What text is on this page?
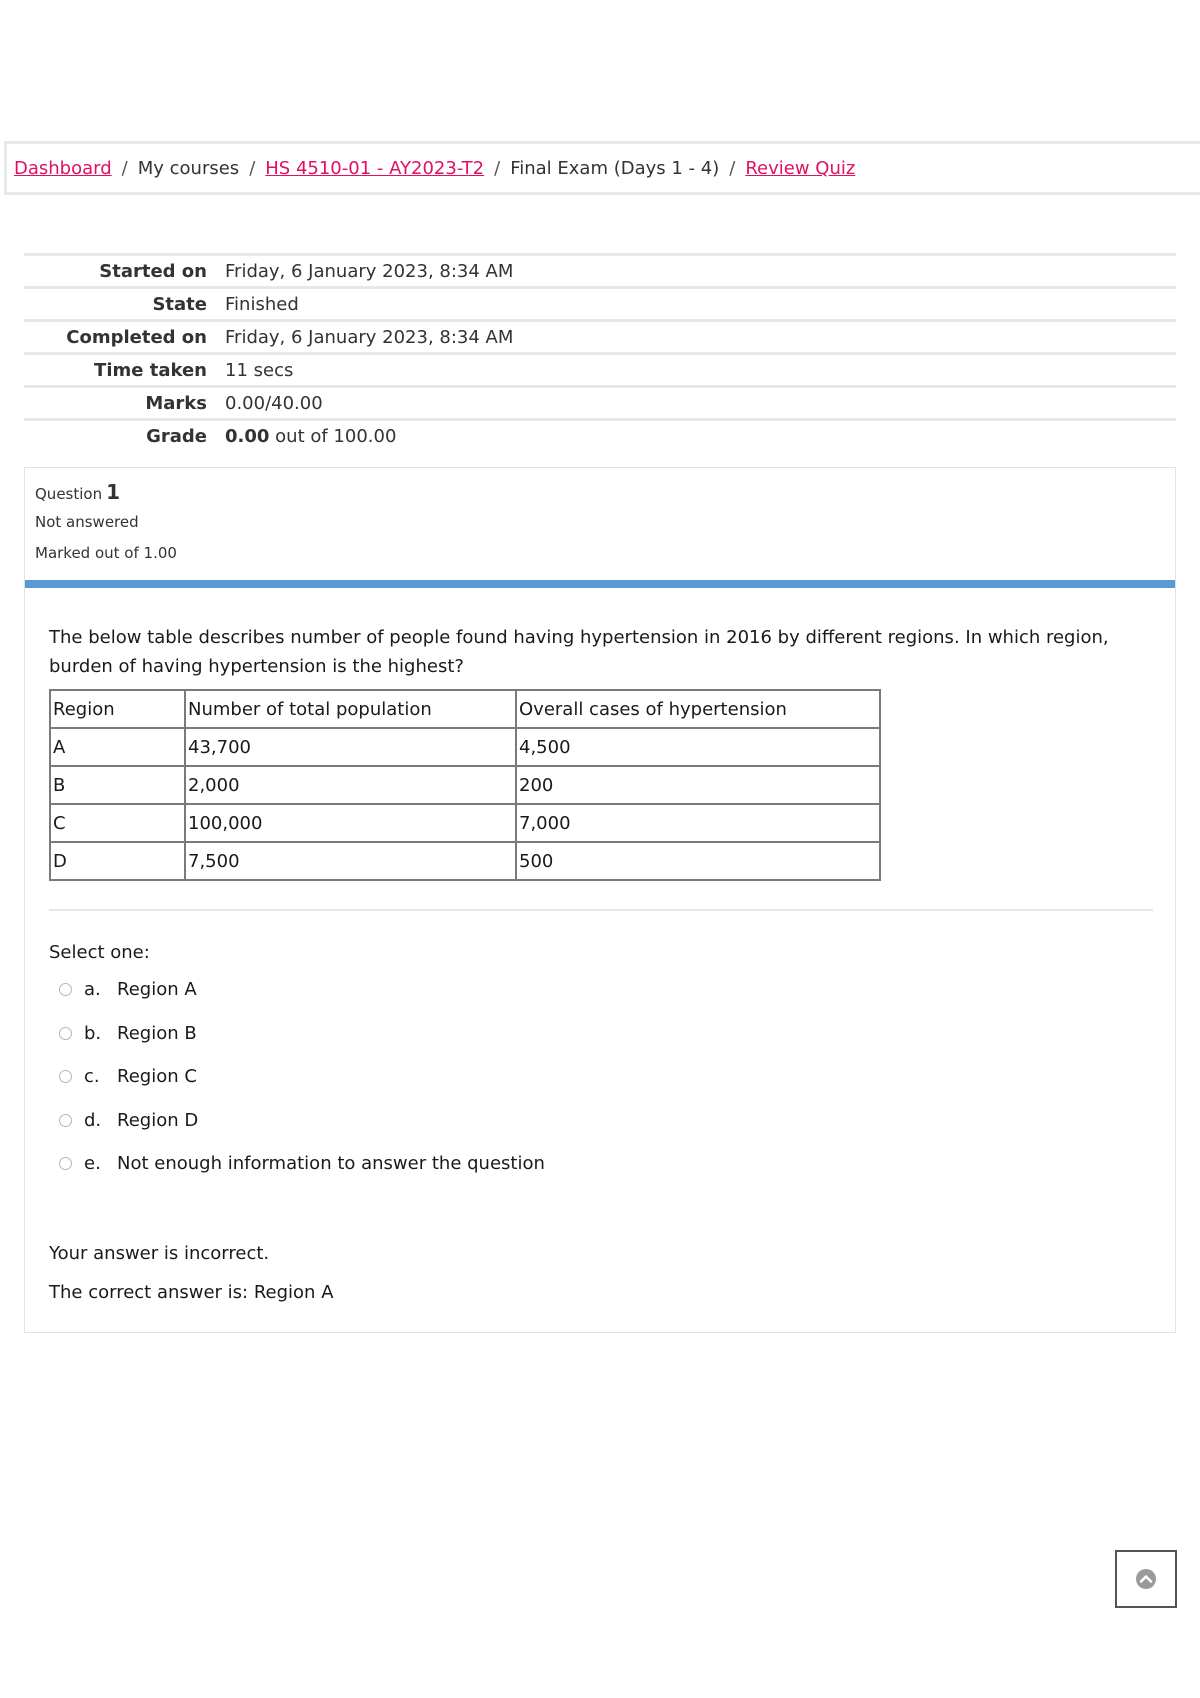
Dashboard / My courses / HS 4510-01 - AY2023-T2 / Final Exam (Days 1 - 4) / Review Quiz
Started on	Friday, 6 January 2023, 8:34 AM
State	Finished
Completed on	Friday, 6 January 2023, 8:34 AM
Time taken	11 secs
Marks	0.00/40.00
Grade	0.00 out of 100.00
Question 1
Not answered
Marked out of 1.00
The below table describes number of people found having hypertension in 2016 by different regions. In which region, burden of having hypertension is the highest?
Region	Number of total population	Overall cases of hypertension
A	43,700	4,500
B	2,000	200
C	100,000	7,000
D	7,500	500
Select one:
a. Region A
b. Region B
c. Region C
d. Region D
e. Not enough information to answer the question
Your answer is incorrect.
The correct answer is: Region A
